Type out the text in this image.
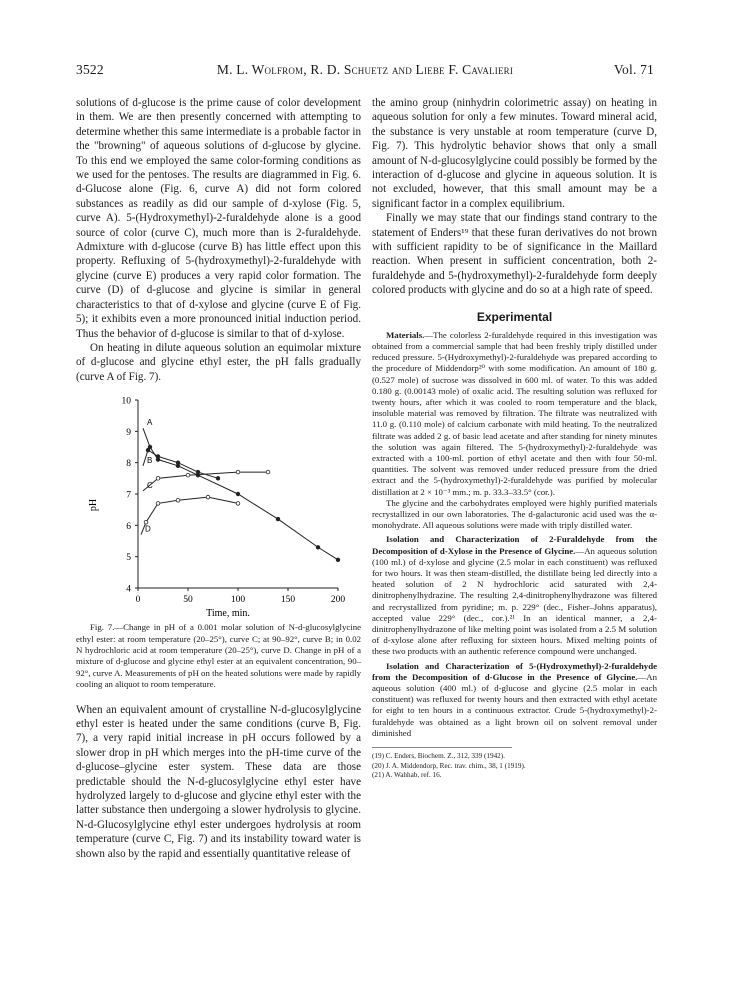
3522	M. L. Wolfrom, R. D. Schuetz and Liebe F. Cavalieri	Vol. 71

solutions of d-glucose is the prime cause of color development in them. We are then presently concerned with attempting to determine whether this same intermediate is a probable factor in the "browning" of aqueous solutions of d-glucose by glycine. To this end we employed the same color-forming conditions as we used for the pentoses. The results are diagrammed in Fig. 6. d-Glucose alone (Fig. 6, curve A) did not form colored substances as readily as did our sample of d-xylose (Fig. 5, curve A). 5-(Hydroxymethyl)-2-furaldehyde alone is a good source of color (curve C), much more than is 2-furaldehyde. Admixture with d-glucose (curve B) has little effect upon this property. Refluxing of 5-(hydroxymethyl)-2-furaldehyde with glycine (curve E) produces a very rapid color formation. The curve (D) of d-glucose and glycine is similar in general characteristics to that of d-xylose and glycine (curve E of Fig. 5); it exhibits even a more pronounced initial induction period. Thus the behavior of d-glucose is similar to that of d-xylose.

On heating in dilute aqueous solution an equimolar mixture of d-glucose and glycine ethyl ester, the pH falls gradually (curve A of Fig. 7).

A
B
C
D
0	50	100	150	200
4
5
6
7
8
9
10
Time, min.
pH

Fig. 7.—Change in pH of a 0.001 molar solution of N-d-glucosylglycine ethyl ester: at room temperature (20–25°), curve C; at 90–92°, curve B; in 0.02 N hydrochloric acid at room temperature (20–25°), curve D. Change in pH of a mixture of d-glucose and glycine ethyl ester at an equivalent concentration, 90–92°, curve A. Measurements of pH on the heated solutions were made by rapidly cooling an aliquot to room temperature.

When an equivalent amount of crystalline N-d-glucosylglycine ethyl ester is heated under the same conditions (curve B, Fig. 7), a very rapid initial increase in pH occurs followed by a slower drop in pH which merges into the pH-time curve of the d-glucose–glycine ester system. These data are those predictable should the N-d-glucosylglycine ethyl ester have hydrolyzed largely to d-glucose and glycine ethyl ester with the latter substance then undergoing a slower hydrolysis to glycine. N-d-Glucosylglycine ethyl ester undergoes hydrolysis at room temperature (curve C, Fig. 7) and its instability toward water is shown also by the rapid and essentially quantitative release of

the amino group (ninhydrin colorimetric assay) on heating in aqueous solution for only a few minutes. Toward mineral acid, the substance is very unstable at room temperature (curve D, Fig. 7). This hydrolytic behavior shows that only a small amount of N-d-glucosylglycine could possibly be formed by the interaction of d-glucose and glycine in aqueous solution. It is not excluded, however, that this small amount may be a significant factor in a complex equilibrium.

Finally we may state that our findings stand contrary to the statement of Enders¹⁹ that these furan derivatives do not brown with sufficient rapidity to be of significance in the Maillard reaction. When present in sufficient concentration, both 2-furaldehyde and 5-(hydroxymethyl)-2-furaldehyde form deeply colored products with glycine and do so at a high rate of speed.

Experimental

Materials.—The colorless 2-furaldehyde required in this investigation was obtained from a commercial sample that had been freshly triply distilled under reduced pressure. 5-(Hydroxymethyl)-2-furaldehyde was prepared according to the procedure of Middendorp²⁰ with some modification. An amount of 180 g. (0.527 mole) of sucrose was dissolved in 600 ml. of water. To this was added 0.180 g. (0.00143 mole) of oxalic acid. The resulting solution was refluxed for twenty hours, after which it was cooled to room temperature and the black, insoluble material was removed by filtration. The filtrate was neutralized with 11.0 g. (0.110 mole) of calcium carbonate with mild heating. To the neutralized filtrate was added 2 g. of basic lead acetate and after standing for ninety minutes the solution was again filtered. The 5-(hydroxymethyl)-2-furaldehyde was extracted with a 100-ml. portion of ethyl acetate and then with four 50-ml. quantities. The solvent was removed under reduced pressure from the dried extract and the 5-(hydroxymethyl)-2-furaldehyde was purified by molecular distillation at 2 × 10⁻³ mm.; m. p. 33.3–33.5° (cor.).

The glycine and the carbohydrates employed were highly purified materials recrystallized in our own laboratories. The d-galacturonic acid used was the α-monohydrate. All aqueous solutions were made with triply distilled water.

Isolation and Characterization of 2-Furaldehyde from the Decomposition of d-Xylose in the Presence of Glycine.—An aqueous solution (100 ml.) of d-xylose and glycine (2.5 molar in each constituent) was refluxed for two hours. It was then steam-distilled, the distillate being led directly into a heated solution of 2 N hydrochloric acid saturated with 2,4-dinitrophenylhydrazine. The resulting 2,4-dinitrophenylhydrazone was filtered and recrystallized from pyridine; m. p. 229° (dec., Fisher–Johns apparatus), accepted value 229° (dec., cor.).²¹ In an identical manner, a 2,4-dinitrophenylhydrazone of like melting point was isolated from a 2.5 M solution of d-xylose alone after refluxing for sixteen hours. Mixed melting points of these two products with an authentic reference compound were unchanged.

Isolation and Characterization of 5-(Hydroxymethyl)-2-furaldehyde from the Decomposition of d-Glucose in the Presence of Glycine.—An aqueous solution (400 ml.) of d-glucose and glycine (2.5 molar in each constituent) was refluxed for twenty hours and then extracted with ethyl acetate for eight to ten hours in a continuous extractor. Crude 5-(hydroxymethyl)-2-furaldehyde was obtained as a light brown oil on solvent removal under diminished

(19) C. Enders, Biochem. Z., 312, 339 (1942).
(20) J. A. Middendorp, Rec. trav. chim., 38, 1 (1919).
(21) A. Wahhab, ref. 16.
